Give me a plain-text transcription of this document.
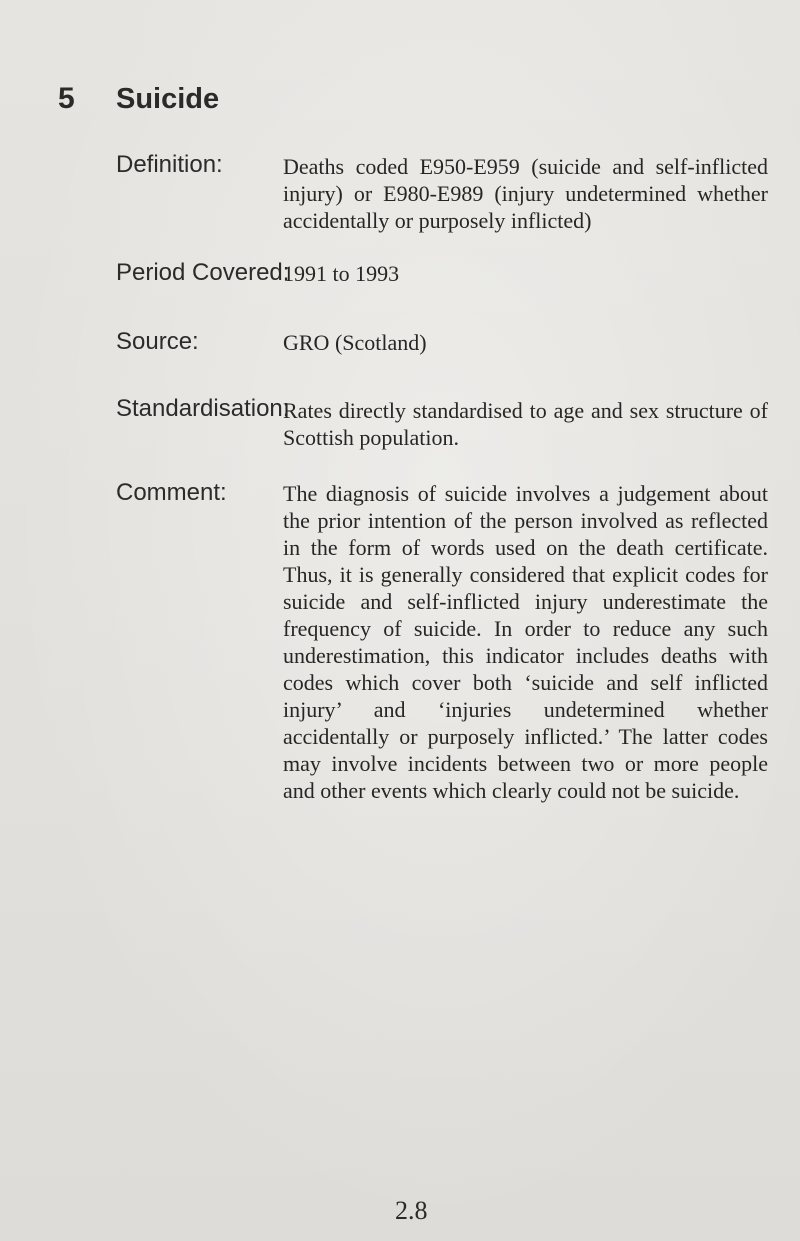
5 Suicide
Definition:	Deaths coded E950-E959 (suicide and self-inflicted injury) or E980-E989 (injury undetermined whether accidentally or purposely inflicted)
Period Covered:
1991 to 1993
Source:	GRO (Scotland)
Standardisation:
Rates directly standardised to age and sex structure of Scottish population.
Comment:	The diagnosis of suicide involves a judgement about the prior intention of the person involved as reflected in the form of words used on the death certificate. Thus, it is generally considered that explicit codes for suicide and self-inflicted injury underestimate the frequency of suicide. In order to reduce any such underestimation, this indicator includes deaths with codes which cover both ‘suicide and self inflicted injury’ and ‘injuries undetermined whether accidentally or purposely inflicted.’ The latter codes may involve incidents between two or more people and other events which clearly could not be suicide.
2.8
